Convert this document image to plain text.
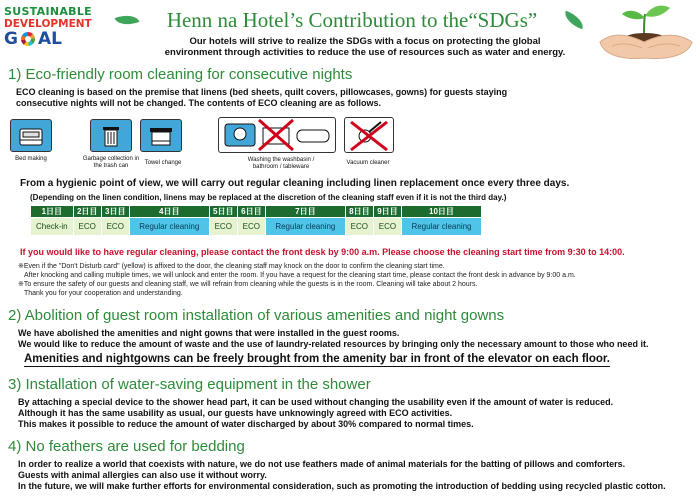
SUSTAINABLE
DEVELOPMENT
G AL
Henn na Hotel’s Contribution to the“SDGs”
Our hotels will strive to realize the SDGs with a focus on protecting the global
environment through activities to reduce the use of resources such as water and energy.
1) Eco-friendly room cleaning for consecutive nights
ECO cleaning is based on the premise that linens (bed sheets, quilt covers, pillowcases, gowns) for guests staying
consecutive nights will not be changed. The contents of ECO cleaning are as follows.
Bed making	Garbage collection in the trash can	Towel change	Washing the washbasin / bathroom / tableware
Vacuum cleaner
From a hygienic point of view, we will carry out regular cleaning including linen replacement once every three days.
(Depending on the linen condition, linens may be replaced at the discretion of the cleaning staff even if it is not the third day.)
1日目	2日目	3日目	4日目	5日目	6日目	7日目	8日目	9日目	10日目
Check-in	ECO	ECO	Regular cleaning	ECO	ECO	Regular cleaning	ECO	ECO	Regular cleaning
If you would like to have regular cleaning, please contact the front desk by 9:00 a.m. Please choose the cleaning start time from 9:30 to 14:00.
※Even if the "Don't Disturb card" (yellow) is affixed to the door, the cleaning staff may knock on the door to confirm the cleaning start time.
After knocking and calling multiple times, we will unlock and enter the room. If you have a request for the cleaning start time, please contact the front desk in advance by 9:00 a.m.
※To ensure the safety of our guests and cleaning staff, we will refrain from cleaning while the guests is in the room. Cleaning will take about 2 hours.
Thank you for your cooperation and understanding.
2) Abolition of guest room installation of various amenities and night gowns
We have abolished the amenities and night gowns that were installed in the guest rooms.
We would like to reduce the amount of waste and the use of laundry-related resources by bringing only the necessary amount to those who need it.
Amenities and nightgowns can be freely brought from the amenity bar in front of the elevator on each floor.
3) Installation of water-saving equipment in the shower
By attaching a special device to the shower head part, it can be used without changing the usability even if the amount of water is reduced.
Although it has the same usability as usual, our guests have unknowingly agreed with ECO activities.
This makes it possible to reduce the amount of water discharged by about 30% compared to normal times.
4) No feathers are used for bedding
In order to realize a world that coexists with nature, we do not use feathers made of animal materials for the batting of pillows and comforters.
Guests with animal allergies can also use it without worry.
In the future, we will make further efforts for environmental consideration, such as promoting the introduction of bedding using recycled plastic cotton.
